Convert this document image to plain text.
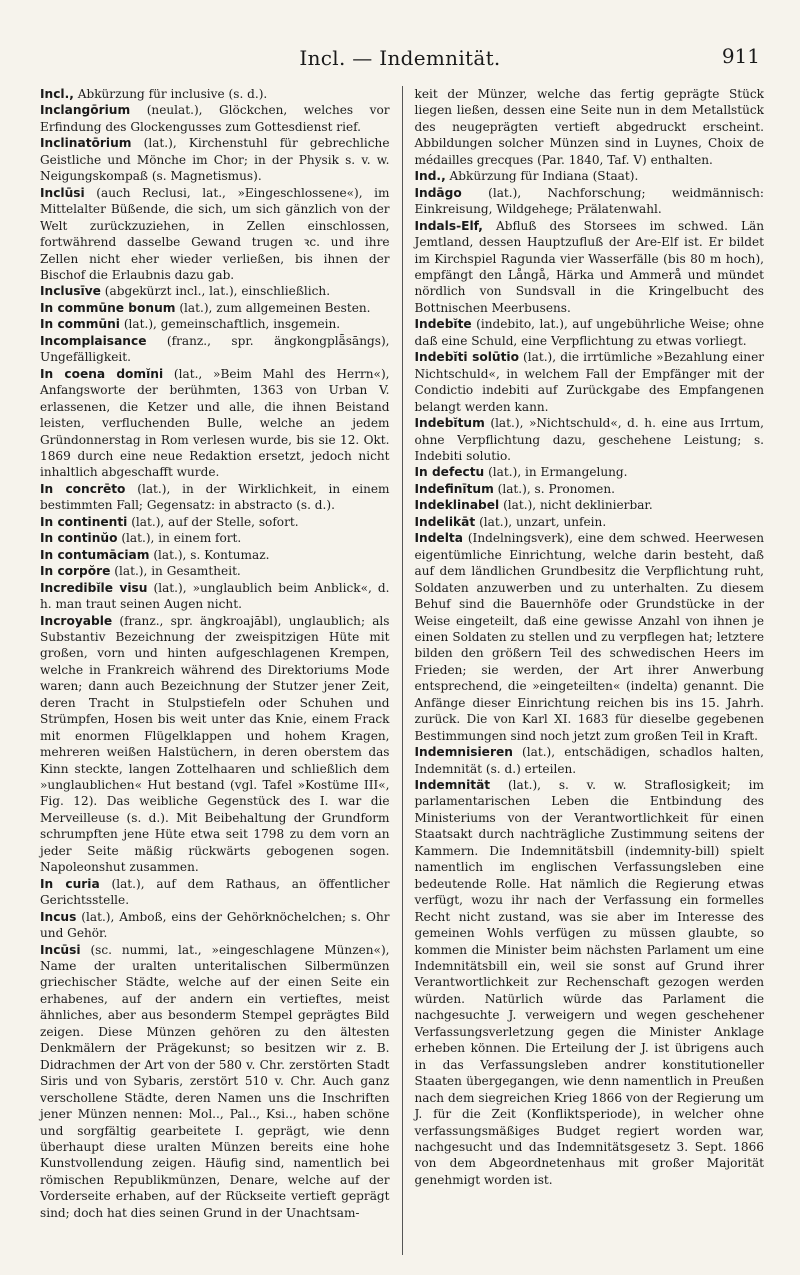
Incl. — Indemnität.	911

Incl., Abkürzung für inclusive (s. d.).

Inclangōrium (neulat.), Glöckchen, welches vor Erfindung des Glockengusses zum Gottesdienst rief.

Inclinatōrium (lat.), Kirchenstuhl für gebrechliche Geistliche und Mönche im Chor; in der Physik s. v. w. Neigungskompaß (s. Magnetismus).

Inclūsi (auch Reclusi, lat., »Eingeschlossene«), im Mittelalter Büßende, die sich, um sich gänzlich von der Welt zurückzuziehen, in Zellen einschlossen, fortwährend dasselbe Gewand trugen ꝛc. und ihre Zellen nicht eher wieder verließen, bis ihnen der Bischof die Erlaubnis dazu gab.

Inclusīve (abgekürzt incl., lat.), einschließlich.

In commūne bonum (lat.), zum allgemeinen Besten.

In commūni (lat.), gemeinschaftlich, insgemein.

Incomplaisance (franz., spr. ängkongplǟsāngs), Ungefälligkeit.

In coena domĭni (lat., »Beim Mahl des Herrn«), Anfangsworte der berühmten, 1363 von Urban V. erlassenen, die Ketzer und alle, die ihnen Beistand leisten, verfluchenden Bulle, welche an jedem Gründonnerstag in Rom verlesen wurde, bis sie 12. Okt. 1869 durch eine neue Redaktion ersetzt, jedoch nicht inhaltlich abgeschafft wurde.

In concrēto (lat.), in der Wirklichkeit, in einem bestimmten Fall; Gegensatz: in abstracto (s. d.).

In continenti (lat.), auf der Stelle, sofort.

In continŭo (lat.), in einem fort.

In contumāciam (lat.), s. Kontumaz.

In corpŏre (lat.), in Gesamtheit.

Incredibĭle visu (lat.), »unglaublich beim Anblick«, d. h. man traut seinen Augen nicht.

Incroyable (franz., spr. ängkroajābl), unglaublich; als Substantiv Bezeichnung der zweispitzigen Hüte mit großen, vorn und hinten aufgeschlagenen Krempen, welche in Frankreich während des Direktoriums Mode waren; dann auch Bezeichnung der Stutzer jener Zeit, deren Tracht in Stulpstiefeln oder Schuhen und Strümpfen, Hosen bis weit unter das Knie, einem Frack mit enormen Flügelklappen und hohem Kragen, mehreren weißen Halstüchern, in deren oberstem das Kinn steckte, langen Zottelhaaren und schließlich dem »unglaublichen« Hut bestand (vgl. Tafel »Kostüme III«, Fig. 12). Das weibliche Gegenstück des I. war die Merveilleuse (s. d.). Mit Beibehaltung der Grundform schrumpften jene Hüte etwa seit 1798 zu dem vorn an jeder Seite mäßig rückwärts gebogenen sogen. Napoleonshut zusammen.

In curia (lat.), auf dem Rathaus, an öffentlicher Gerichtsstelle.

Incus (lat.), Amboß, eins der Gehörknöchelchen; s. Ohr und Gehör.

Incūsi (sc. nummi, lat., »eingeschlagene Münzen«), Name der uralten unteritalischen Silbermünzen griechischer Städte, welche auf der einen Seite ein erhabenes, auf der andern ein vertieftes, meist ähnliches, aber aus besonderm Stempel geprägtes Bild zeigen. Diese Münzen gehören zu den ältesten Denkmälern der Prägekunst; so besitzen wir z. B. Didrachmen der Art von der 580 v. Chr. zerstörten Stadt Siris und von Sybaris, zerstört 510 v. Chr. Auch ganz verschollene Städte, deren Namen uns die Inschriften jener Münzen nennen: Mol.., Pal.., Ksi.., haben schöne und sorgfältig gearbeitete I. geprägt, wie denn überhaupt diese uralten Münzen bereits eine hohe Kunstvollendung zeigen. Häufig sind, namentlich bei römischen Republikmünzen, Denare, welche auf der Vorderseite erhaben, auf der Rückseite vertieft geprägt sind; doch hat dies seinen Grund in der Unachtsam-

keit der Münzer, welche das fertig geprägte Stück liegen ließen, dessen eine Seite nun in dem Metallstück des neugeprägten vertieft abgedruckt erscheint. Abbildungen solcher Münzen sind in Luynes, Choix de médailles grecques (Par. 1840, Taf. V) enthalten.

Ind., Abkürzung für Indiana (Staat).

Indāgo (lat.), Nachforschung; weidmännisch: Einkreisung, Wildgehege; Prälatenwahl.

Indals-Elf, Abfluß des Storsees im schwed. Län Jemtland, dessen Hauptzufluß der Are-Elf ist. Er bildet im Kirchspiel Ragunda vier Wasserfälle (bis 80 m hoch), empfängt den Långå, Härka und Ammerå und mündet nördlich von Sundsvall in die Kringelbucht des Bottnischen Meerbusens.

Indebĭte (indebito, lat.), auf ungebührliche Weise; ohne daß eine Schuld, eine Verpflichtung zu etwas vorliegt.

Indebĭti solūtio (lat.), die irrtümliche »Bezahlung einer Nichtschuld«, in welchem Fall der Empfänger mit der Condictio indebiti auf Zurückgabe des Empfangenen belangt werden kann.

Indebĭtum (lat.), »Nichtschuld«, d. h. eine aus Irrtum, ohne Verpflichtung dazu, geschehene Leistung; s. Indebiti solutio.

In defectu (lat.), in Ermangelung.

Indefinītum (lat.), s. Pronomen.

Indeklinabel (lat.), nicht deklinierbar.

Indelikāt (lat.), unzart, unfein.

Indelta (Indelningsverk), eine dem schwed. Heerwesen eigentümliche Einrichtung, welche darin besteht, daß auf dem ländlichen Grundbesitz die Verpflichtung ruht, Soldaten anzuwerben und zu unterhalten. Zu diesem Behuf sind die Bauernhöfe oder Grundstücke in der Weise eingeteilt, daß eine gewisse Anzahl von ihnen je einen Soldaten zu stellen und zu verpflegen hat; letztere bilden den größern Teil des schwedischen Heers im Frieden; sie werden, der Art ihrer Anwerbung entsprechend, die »eingeteilten« (indelta) genannt. Die Anfänge dieser Einrichtung reichen bis ins 15. Jahrh. zurück. Die von Karl XI. 1683 für dieselbe gegebenen Bestimmungen sind noch jetzt zum großen Teil in Kraft.

Indemnisieren (lat.), entschädigen, schadlos halten, Indemnität (s. d.) erteilen.

Indemnität (lat.), s. v. w. Straflosigkeit; im parlamentarischen Leben die Entbindung des Ministeriums von der Verantwortlichkeit für einen Staatsakt durch nachträgliche Zustimmung seitens der Kammern. Die Indemnitätsbill (indemnity-bill) spielt namentlich im englischen Verfassungsleben eine bedeutende Rolle. Hat nämlich die Regierung etwas verfügt, wozu ihr nach der Verfassung ein formelles Recht nicht zustand, was sie aber im Interesse des gemeinen Wohls verfügen zu müssen glaubte, so kommen die Minister beim nächsten Parlament um eine Indemnitätsbill ein, weil sie sonst auf Grund ihrer Verantwortlichkeit zur Rechenschaft gezogen werden würden. Natürlich würde das Parlament die nachgesuchte J. verweigern und wegen geschehener Verfassungsverletzung gegen die Minister Anklage erheben können. Die Erteilung der J. ist übrigens auch in das Verfassungsleben andrer konstitutioneller Staaten übergegangen, wie denn namentlich in Preußen nach dem siegreichen Krieg 1866 von der Regierung um J. für die Zeit (Konfliktsperiode), in welcher ohne verfassungsmäßiges Budget regiert worden war, nachgesucht und das Indemnitätsgesetz 3. Sept. 1866 von dem Abgeordnetenhaus mit großer Majorität genehmigt worden ist.
